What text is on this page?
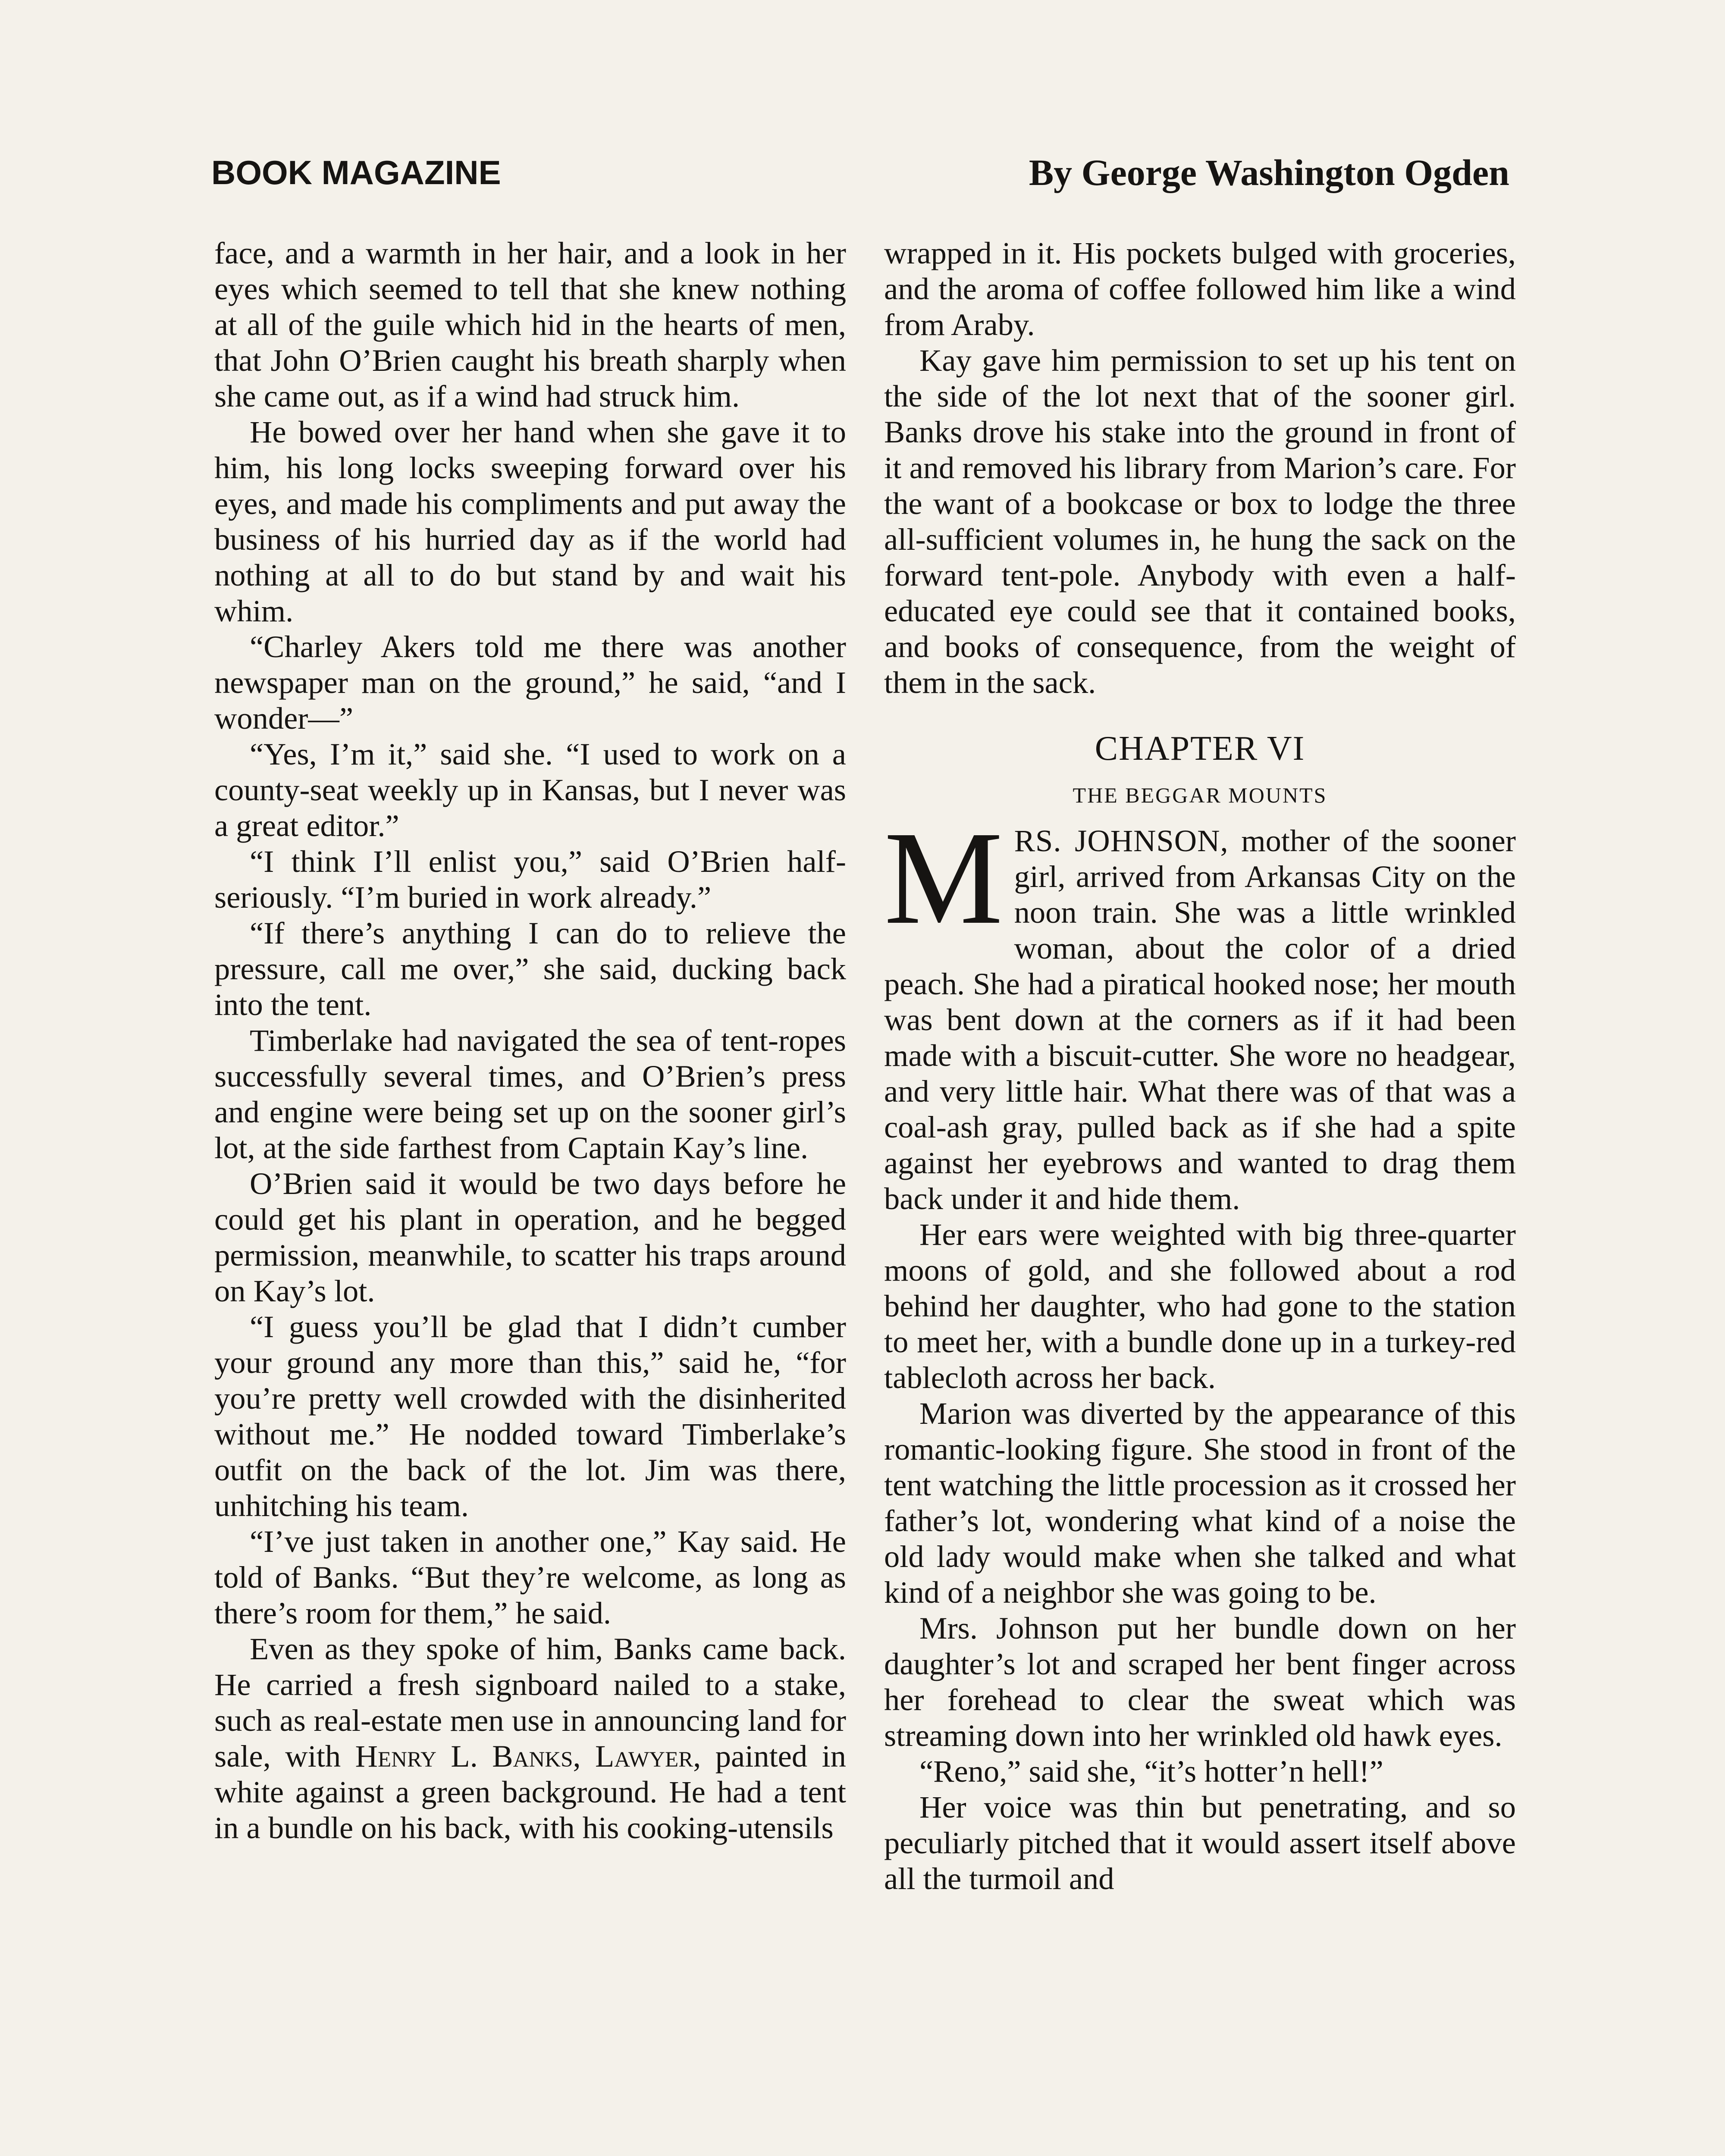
BOOK MAGAZINE	By George Washington Ogden

face, and a warmth in her hair, and a look in her eyes which seemed to tell that she knew nothing at all of the guile which hid in the hearts of men, that John O’Brien caught his breath sharply when she came out, as if a wind had struck him.

He bowed over her hand when she gave it to him, his long locks sweeping forward over his eyes, and made his compliments and put away the business of his hurried day as if the world had nothing at all to do but stand by and wait his whim.

“Charley Akers told me there was another newspaper man on the ground,” he said, “and I wonder—”

“Yes, I’m it,” said she. “I used to work on a county-seat weekly up in Kansas, but I never was a great editor.”

“I think I’ll enlist you,” said O’Brien half-seriously. “I’m buried in work already.”

“If there’s anything I can do to relieve the pressure, call me over,” she said, ducking back into the tent.

Timberlake had navigated the sea of tent-ropes successfully several times, and O’Brien’s press and engine were being set up on the sooner girl’s lot, at the side farthest from Captain Kay’s line.

O’Brien said it would be two days before he could get his plant in operation, and he begged permission, meanwhile, to scatter his traps around on Kay’s lot.

“I guess you’ll be glad that I didn’t cumber your ground any more than this,” said he, “for you’re pretty well crowded with the disinherited without me.” He nodded toward Timberlake’s outfit on the back of the lot. Jim was there, unhitching his team.

“I’ve just taken in another one,” Kay said. He told of Banks. “But they’re welcome, as long as there’s room for them,” he said.

Even as they spoke of him, Banks came back. He carried a fresh signboard nailed to a stake, such as real-estate men use in announcing land for sale, with Henry L. Banks, Lawyer, painted in white against a green background. He had a tent in a bundle on his back, with his cooking-utensils

wrapped in it. His pockets bulged with groceries, and the aroma of coffee followed him like a wind from Araby.

Kay gave him permission to set up his tent on the side of the lot next that of the sooner girl. Banks drove his stake into the ground in front of it and removed his library from Marion’s care. For the want of a bookcase or box to lodge the three all-sufficient volumes in, he hung the sack on the forward tent-pole. Anybody with even a half-educated eye could see that it contained books, and books of consequence, from the weight of them in the sack.

CHAPTER VI
THE BEGGAR MOUNTS

MRS. JOHNSON, mother of the sooner girl, arrived from Arkansas City on the noon train. She was a little wrinkled woman, about the color of a dried peach. She had a piratical hooked nose; her mouth was bent down at the corners as if it had been made with a biscuit-cutter. She wore no headgear, and very little hair. What there was of that was a coal-ash gray, pulled back as if she had a spite against her eyebrows and wanted to drag them back under it and hide them.

Her ears were weighted with big three-quarter moons of gold, and she followed about a rod behind her daughter, who had gone to the station to meet her, with a bundle done up in a turkey-red tablecloth across her back.

Marion was diverted by the appearance of this romantic-looking figure. She stood in front of the tent watching the little procession as it crossed her father’s lot, wondering what kind of a noise the old lady would make when she talked and what kind of a neighbor she was going to be.

Mrs. Johnson put her bundle down on her daughter’s lot and scraped her bent finger across her forehead to clear the sweat which was streaming down into her wrinkled old hawk eyes.

“Reno,” said she, “it’s hotter’n hell!”

Her voice was thin but penetrating, and so peculiarly pitched that it would assert itself above all the turmoil and
